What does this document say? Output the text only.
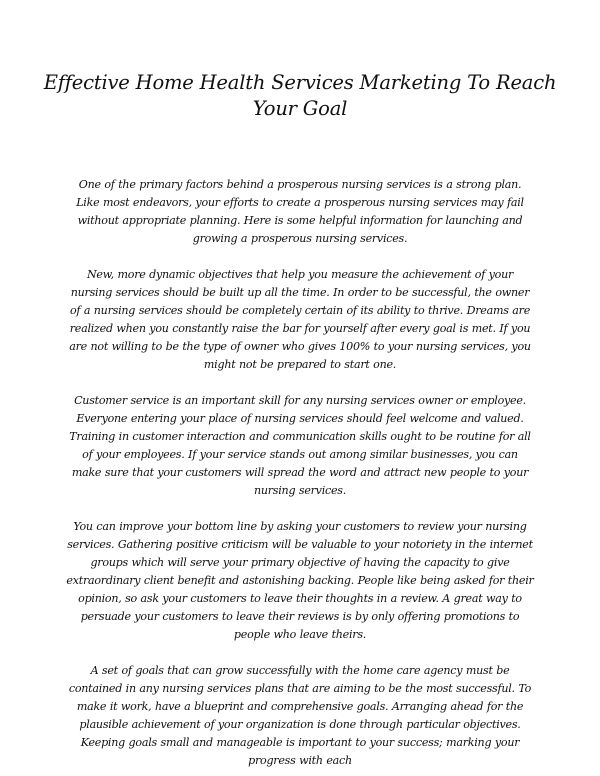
Effective Home Health Services Marketing To Reach Your Goal

One of the primary factors behind a prosperous nursing services is a strong plan. Like most endeavors, your efforts to create a prosperous nursing services may fail without appropriate planning. Here is some helpful information for launching and growing a prosperous nursing services.

New, more dynamic objectives that help you measure the achievement of your nursing services should be built up all the time. In order to be successful, the owner of a nursing services should be completely certain of its ability to thrive. Dreams are realized when you constantly raise the bar for yourself after every goal is met. If you are not willing to be the type of owner who gives 100% to your nursing services, you might not be prepared to start one.

Customer service is an important skill for any nursing services owner or employee. Everyone entering your place of nursing services should feel welcome and valued. Training in customer interaction and communication skills ought to be routine for all of your employees. If your service stands out among similar businesses, you can make sure that your customers will spread the word and attract new people to your nursing services.

You can improve your bottom line by asking your customers to review your nursing services. Gathering positive criticism will be valuable to your notoriety in the internet groups which will serve your primary objective of having the capacity to give extraordinary client benefit and astonishing backing. People like being asked for their opinion, so ask your customers to leave their thoughts in a review. A great way to persuade your customers to leave their reviews is by only offering promotions to people who leave theirs.

A set of goals that can grow successfully with the home care agency must be contained in any nursing services plans that are aiming to be the most successful. To make it work, have a blueprint and comprehensive goals. Arranging ahead for the plausible achievement of your organization is done through particular objectives. Keeping goals small and manageable is important to your success; marking your progress with each
